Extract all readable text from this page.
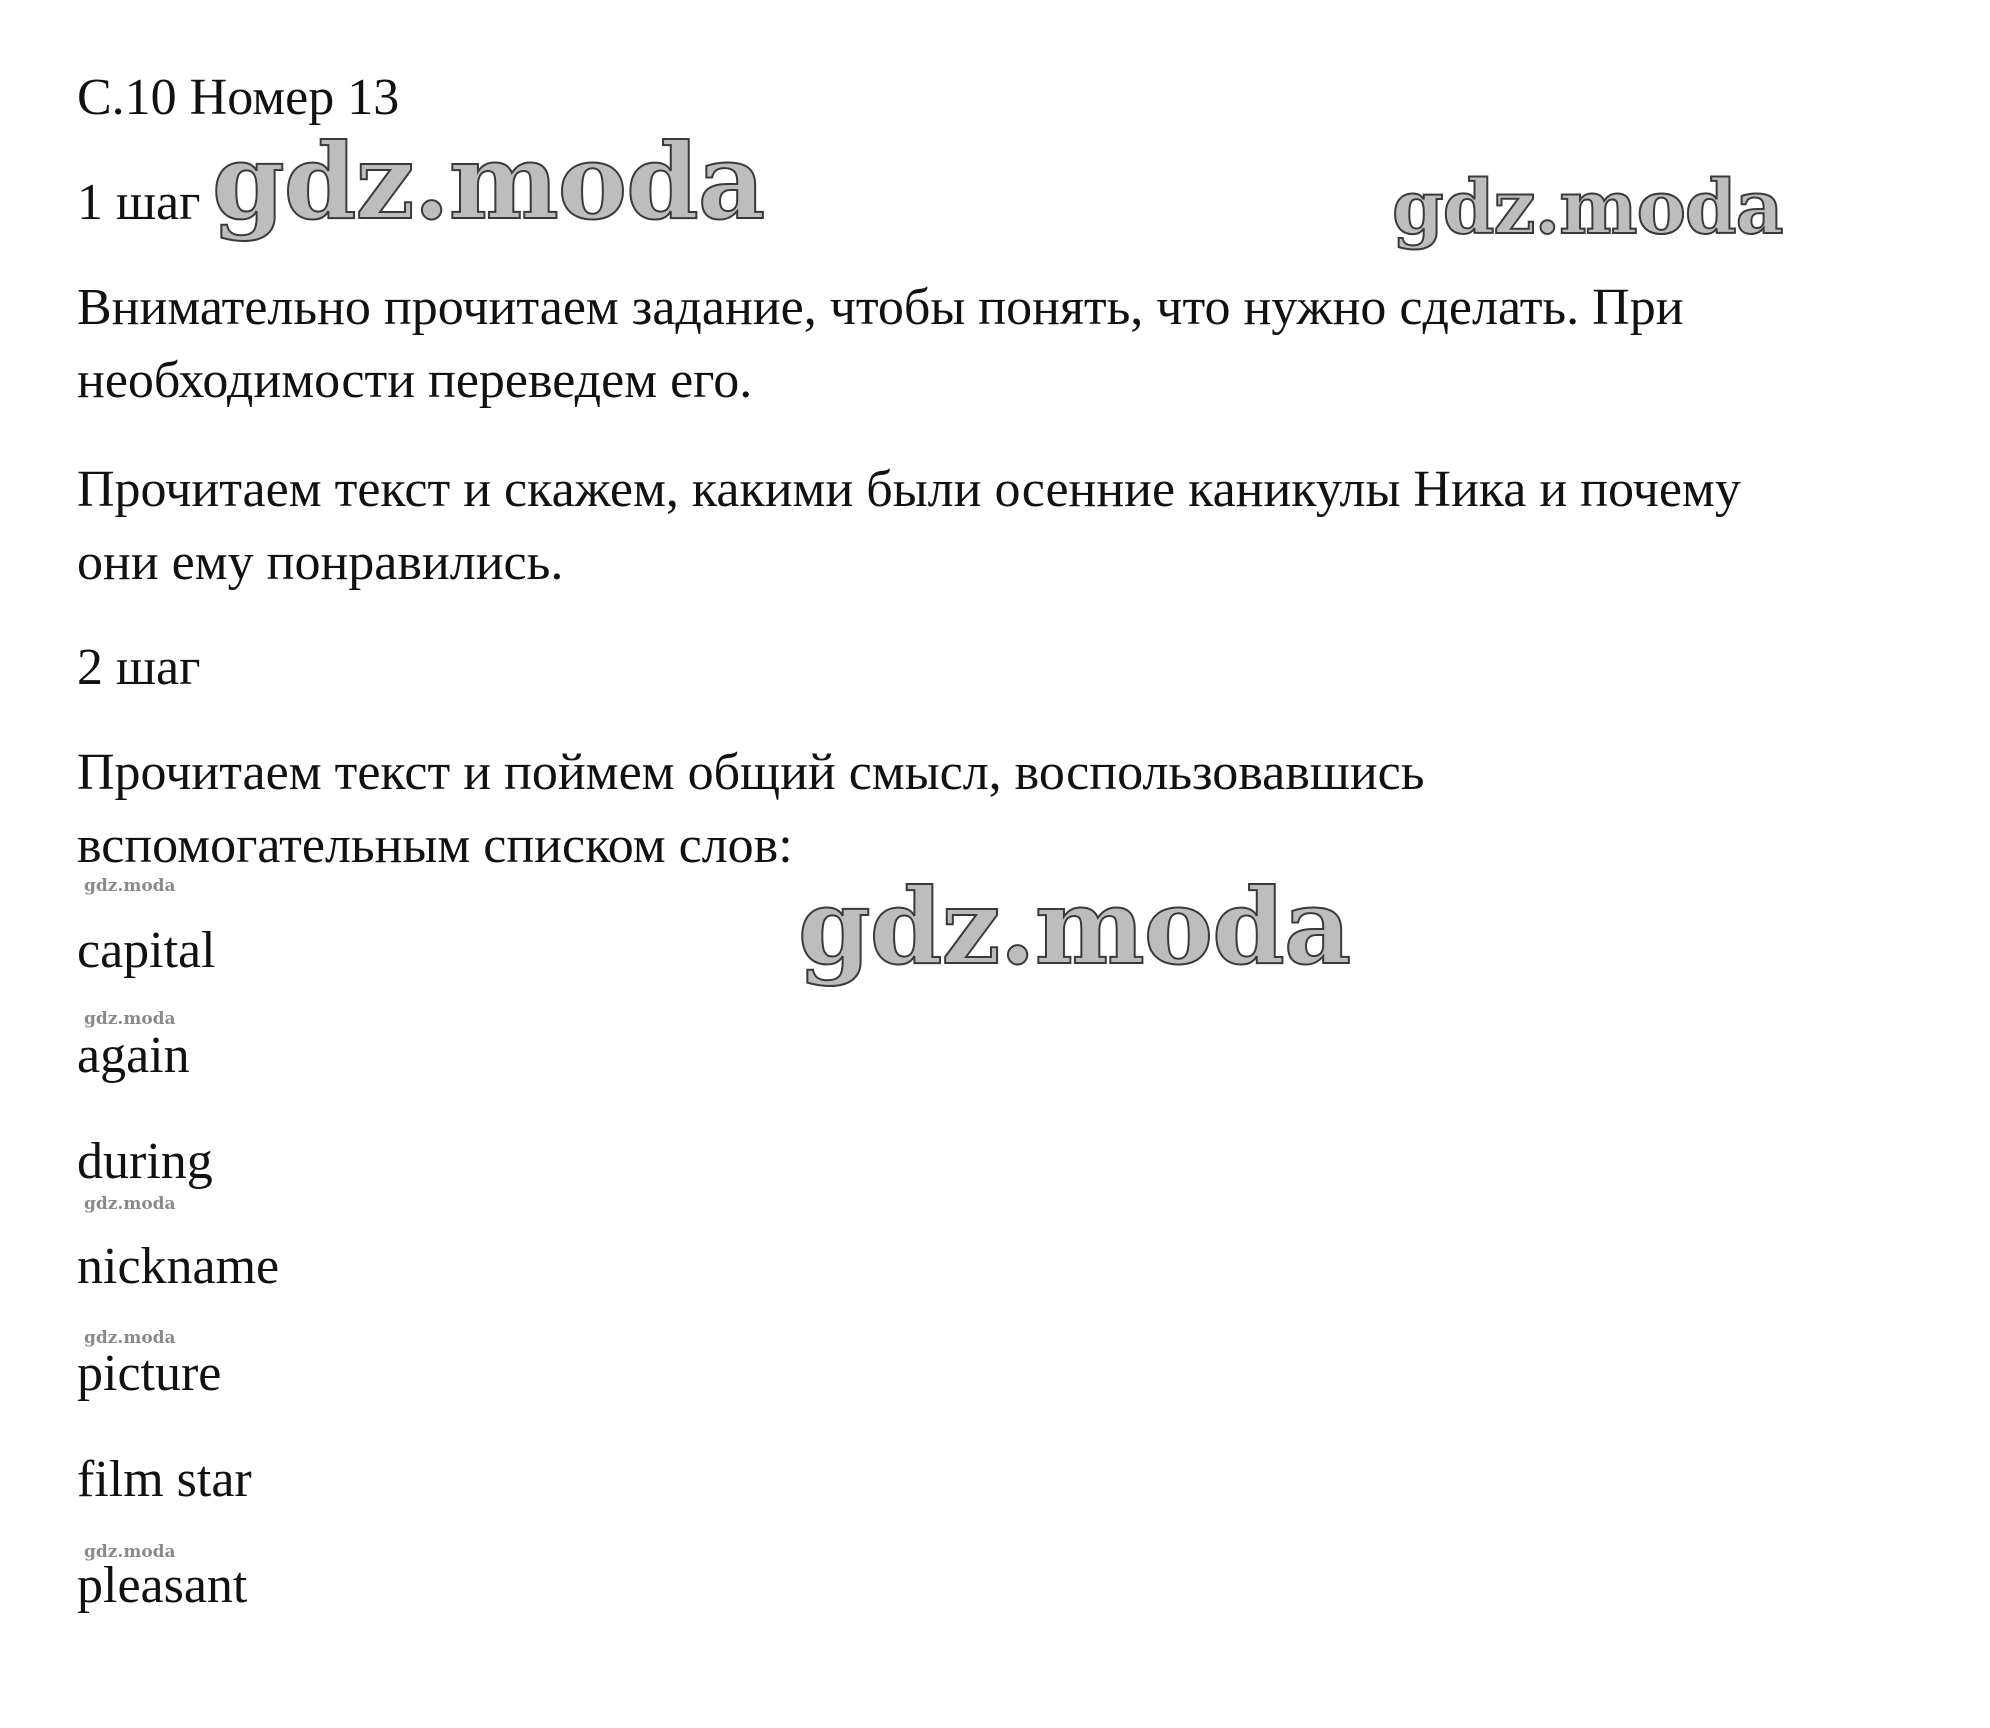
С.10 Номер 13
1 шаг
Внимательно прочитаем задание, чтобы понять, что нужно сделать. При
необходимости переведем его.
Прочитаем текст и скажем, какими были осенние каникулы Ника и почему
они ему понравились.
2 шаг
Прочитаем текст и поймем общий смысл, воспользовавшись
вспомогательным списком слов:
capital
again
during
nickname
picture
film star
pleasant
gdz.moda	gdz.moda
gdz.moda
gdz.moda
gdz.moda
gdz.moda
gdz.moda
gdz.moda
